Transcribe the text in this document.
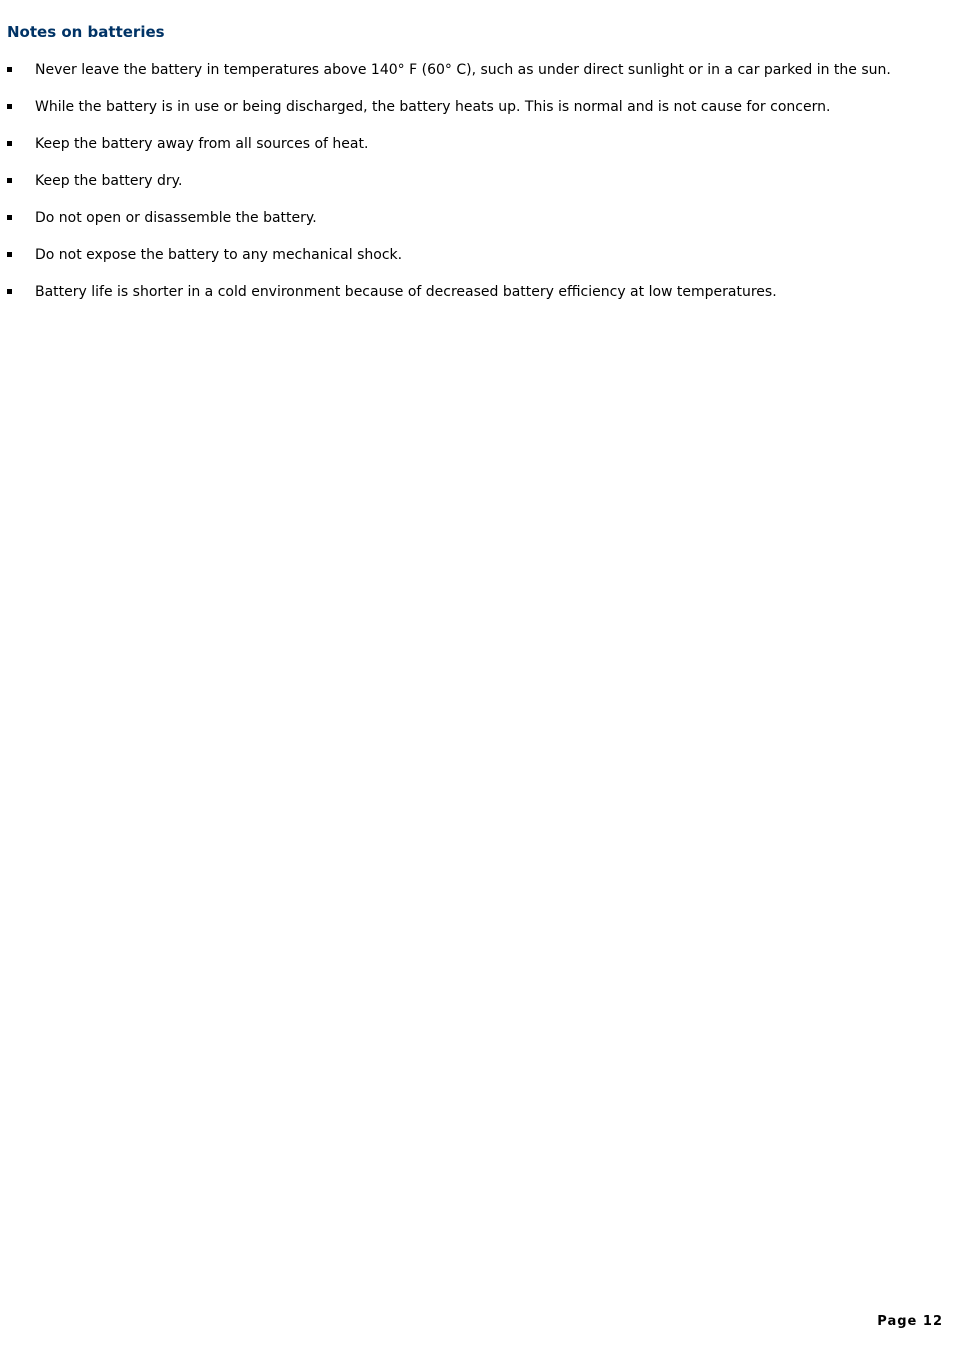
Notes on batteries
Never leave the battery in temperatures above 140° F (60° C), such as under direct sunlight or in a car parked in the sun.
While the battery is in use or being discharged, the battery heats up. This is normal and is not cause for concern.
Keep the battery away from all sources of heat.
Keep the battery dry.
Do not open or disassemble the battery.
Do not expose the battery to any mechanical shock.
Battery life is shorter in a cold environment because of decreased battery efficiency at low temperatures.
Page 12
